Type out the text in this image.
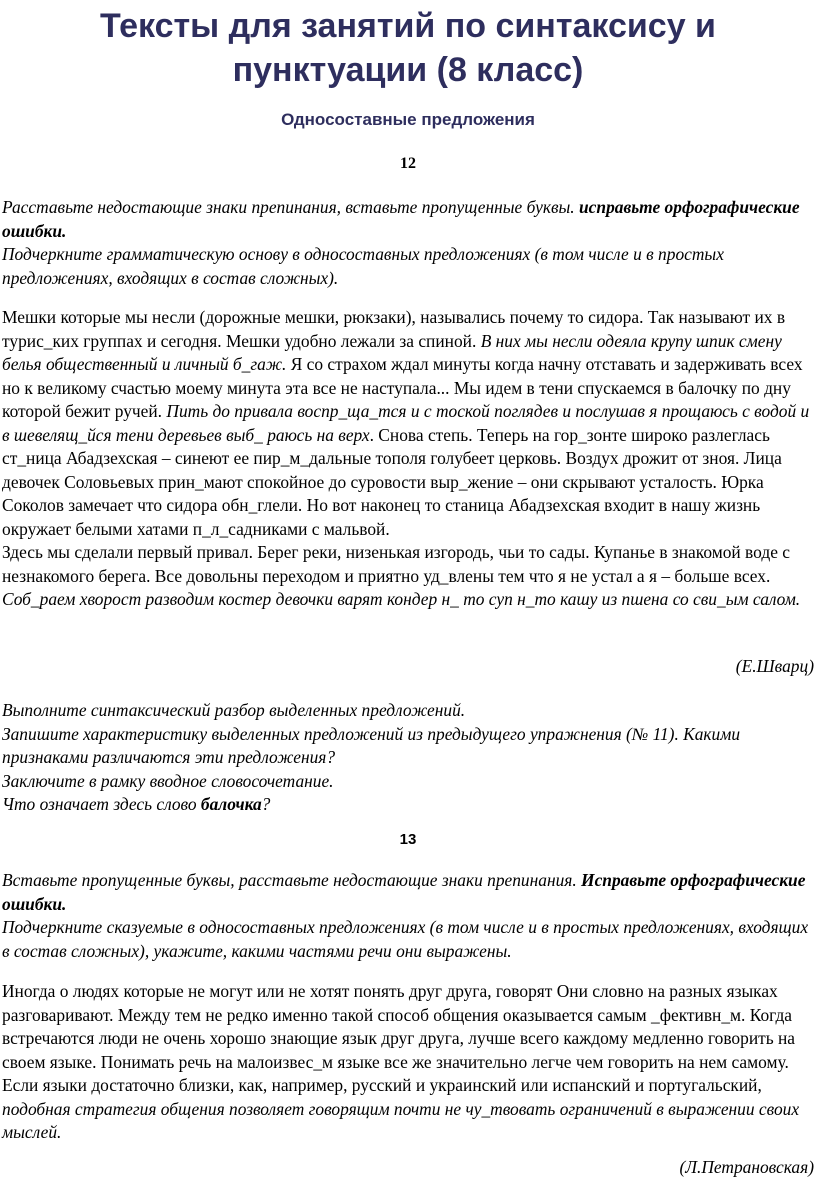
Тексты для занятий по синтаксису и
пунктуации (8 класс)
Односоставные предложения
12

Расставьте недостающие знаки препинания, вставьте пропущенные буквы. исправьте орфографические ошибки.

Подчеркните грамматическую основу в односоставных предложениях (в том числе и в простых предложениях, входящих в состав сложных).

Мешки которые мы несли (дорожные мешки, рюкзаки), назывались почему то сидора. Так называют их в турис_ких группах и сегодня. Мешки удобно лежали за спиной. В них мы несли одеяла крупу шпик смену белья общественный и личный б_гаж. Я со страхом ждал минуты когда начну отставать и задерживать всех но к великому счастью моему минута эта все не наступала... Мы идем в тени спускаемся в балочку по дну которой бежит ручей. Пить до привала воспр_ща_тся и с тоской поглядев и послушав я прощаюсь с водой и в шевелящ_йся тени деревьев выб_ раюсь на верх. Снова степь. Теперь на гор_зонте широко разлеглась ст_ница Абадзехская – синеют ее пир_м_дальные тополя голубеет церковь. Воздух дрожит от зноя. Лица девочек Соловьевых прин_мают спокойное до суровости выр_жение – они скрывают усталость. Юрка Соколов замечает что сидора обн_глели. Но вот наконец то станица Абадзехская входит в нашу жизнь окружает белыми хатами п_л_садниками с мальвой.

Здесь мы сделали первый привал. Берег реки, низенькая изгородь, чьи то сады. Купанье в знакомой воде с незнакомого берега. Все довольны переходом и приятно уд_влены тем что я не устал а я – больше всех. Соб_раем хворост разводим костер девочки варят кондер н_ то суп н_то кашу из пшена со сви_ым салом.

(Е.Шварц)

Выполните синтаксический разбор выделенных предложений.

Запишите характеристику выделенных предложений из предыдущего упражнения (№ 11). Какими признаками различаются эти предложения?

Заключите в рамку вводное словосочетание.

Что означает здесь слово балочка?

13

Вставьте пропущенные буквы, расставьте недостающие знаки препинания. Исправьте орфографические ошибки.

Подчеркните сказуемые в односоставных предложениях (в том числе и в простых предложениях, входящих в состав сложных), укажите, какими частями речи они выражены.

Иногда о людях которые не могут или не хотят понять друг друга, говорят Они словно на разных языках разговаривают. Между тем не редко именно такой способ общения оказывается самым _фективн_м. Когда встречаются люди не очень хорошо знающие язык друг друга, лучше всего каждому медленно говорить на своем языке. Понимать речь на малоизвес_м языке все же значительно легче чем говорить на нем самому. Если языки достаточно близки, как, например, русский и украинский или испанский и португальский, подобная стратегия общения позволяет говорящим почти не чу_твовать ограничений в выражении своих мыслей.

(Л.Петрановская)
